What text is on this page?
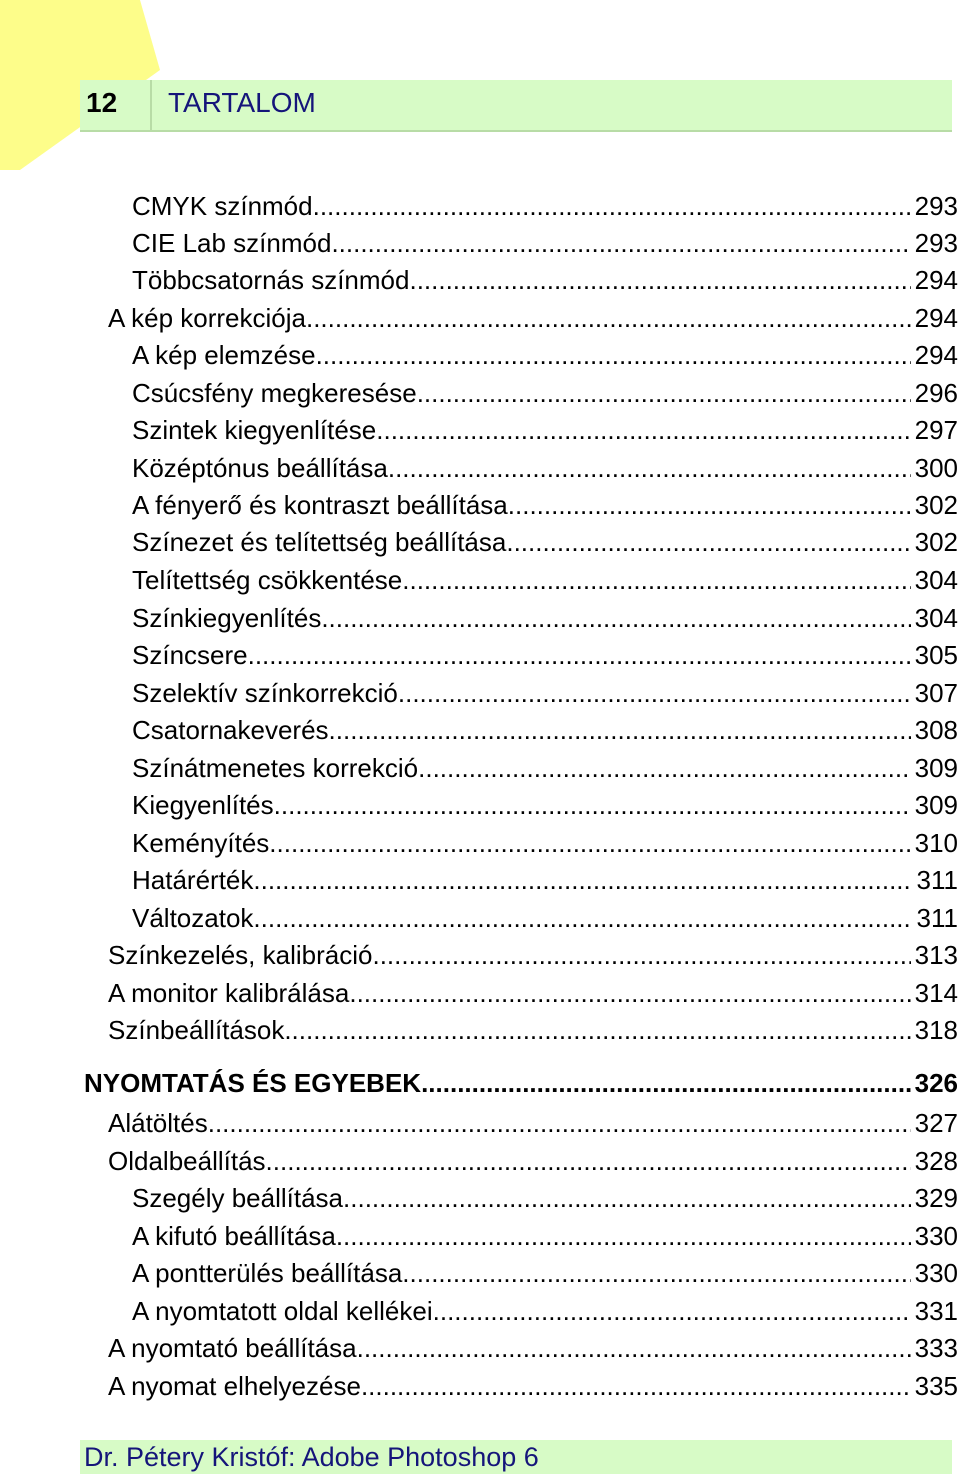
12 TARTALOM
CMYK színmód .....	293
CIE Lab színmód .....	293
Többcsatornás színmód .....	294
A kép korrekciója .....	294
A kép elemzése .....	294
Csúcsfény megkeresése .....	296
Szintek kiegyenlítése .....	297
Középtónus beállítása .....	300
A fényerő és kontraszt beállítása .....	302
Színezet és telítettség beállítása .....	302
Telítettség csökkentése .....	304
Színkiegyenlítés .....	304
Színcsere .....	305
Szelektív színkorrekció .....	307
Csatornakeverés .....	308
Színátmenetes korrekció .....	309
Kiegyenlítés .....	309
Keményítés .....	310
Határérték .....	311
Változatok .....	311
Színkezelés, kalibráció .....	313
A monitor kalibrálása .....	314
Színbeállítások .....	318
NYOMTATÁS ÉS EGYEBEK .....	326
Alátöltés .....	327
Oldalbeállítás .....	328
Szegély beállítása .....	329
A kifutó beállítása .....	330
A pontterülés beállítása .....	330
A nyomtatott oldal kellékei .....	331
A nyomtató beállítása .....	333
A nyomat elhelyezése .....	335
Dr. Pétery Kristóf: Adobe Photoshop 6
